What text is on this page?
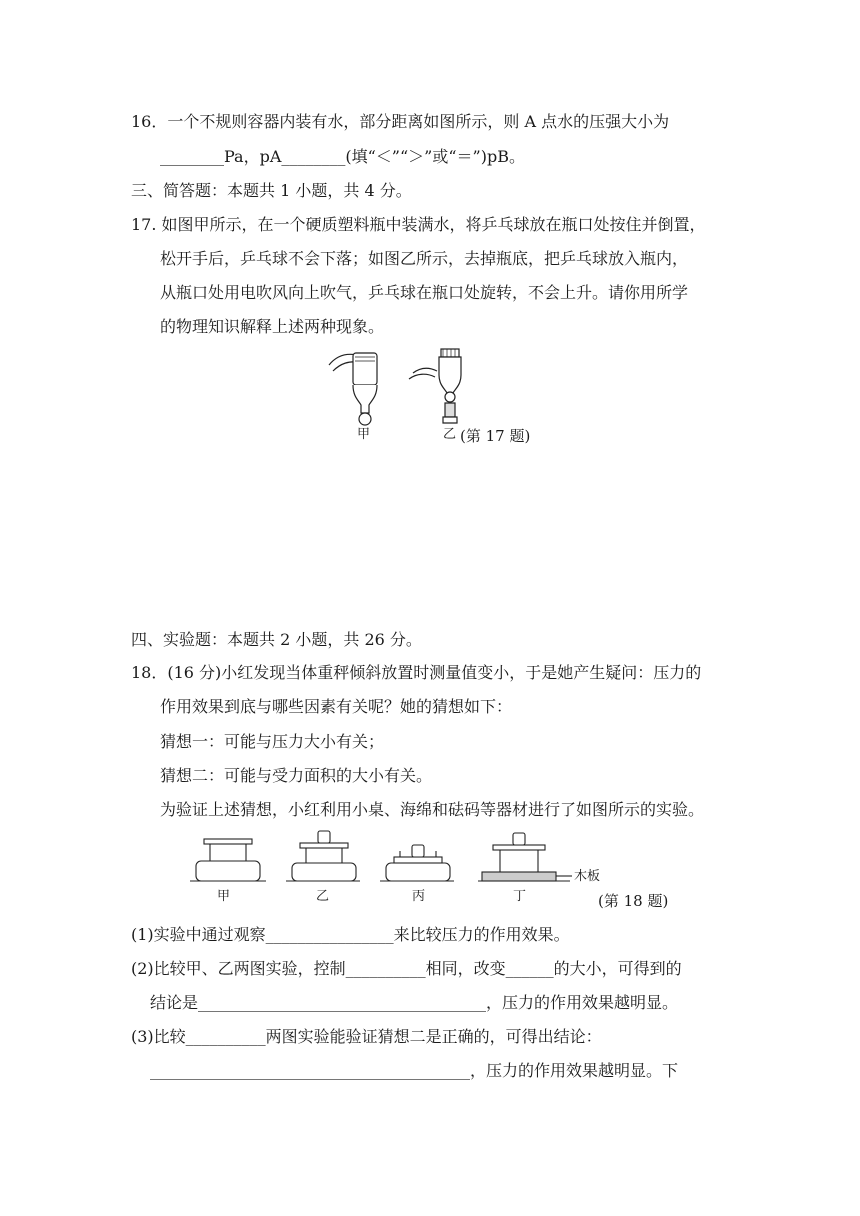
16．一个不规则容器内装有水，部分距离如图所示，则 A 点水的压强大小为
________Pa，pA________(填“＜”“＞”或“＝”)pB。
三、简答题：本题共 1 小题，共 4 分。
17. 如图甲所示，在一个硬质塑料瓶中装满水，将乒乓球放在瓶口处按住并倒置，
松开手后，乒乓球不会下落；如图乙所示，去掉瓶底，把乒乓球放入瓶内，
从瓶口处用电吹风向上吹气，乒乓球在瓶口处旋转，不会上升。请你用所学
的物理知识解释上述两种现象。
甲	乙 (第 17 题)
四、实验题：本题共 2 小题，共 26 分。
18．(16 分)小红发现当体重秤倾斜放置时测量值变小，于是她产生疑问：压力的
作用效果到底与哪些因素有关呢？她的猜想如下：
猜想一：可能与压力大小有关；
猜想二：可能与受力面积的大小有关。
为验证上述猜想，小红利用小桌、海绵和砝码等器材进行了如图所示的实验。
甲	乙	丙	丁
木板
(第 18 题)
(1)实验中通过观察________________来比较压力的作用效果。
(2)比较甲、乙两图实验，控制__________相同，改变______的大小，可得到的
结论是____________________________________，压力的作用效果越明显。
(3)比较__________两图实验能验证猜想二是正确的，可得出结论：
________________________________________，压力的作用效果越明显。下
